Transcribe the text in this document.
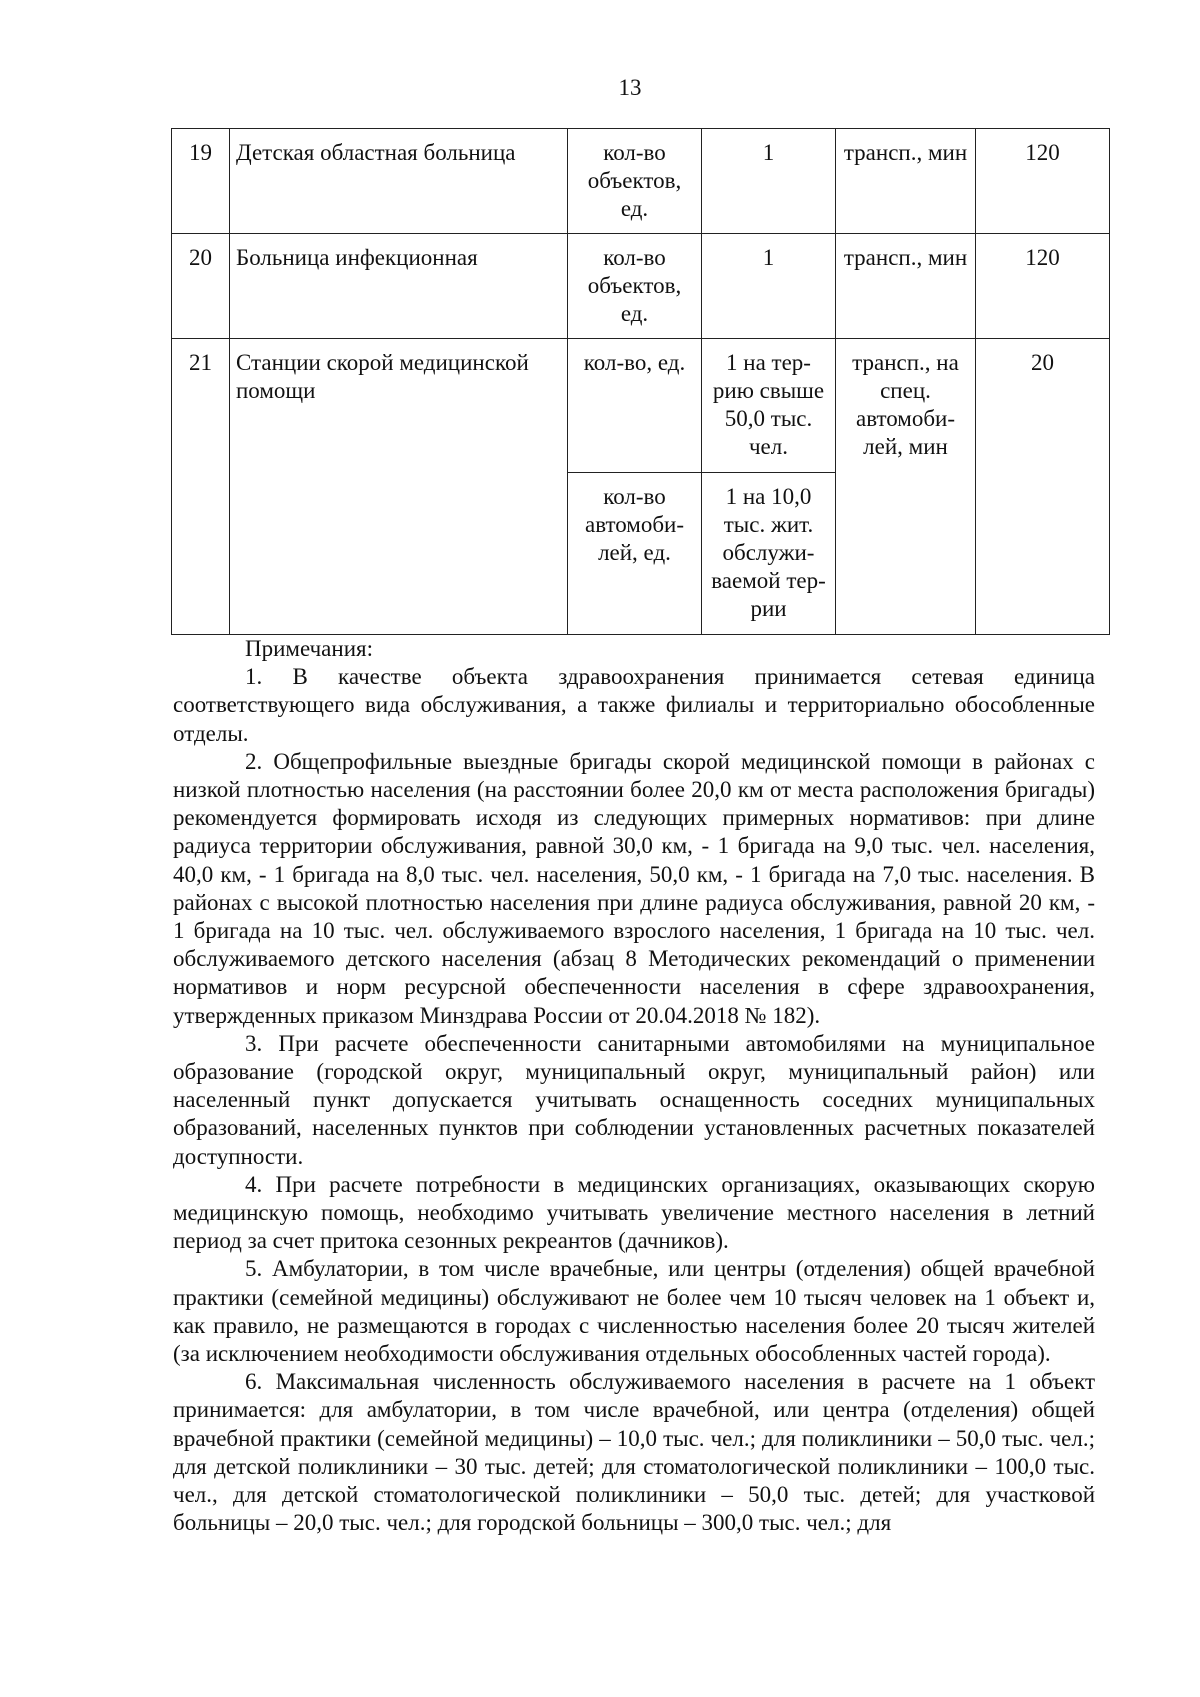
13
19	Детская областная больница	кол-во объектов, ед.	1	трансп., мин	120

20	Больница инфекционная	кол-во объектов, ед.	1	трансп., мин	120

21	Станции скорой медицинской помощи	кол-во, ед.	1 на тер-рию свыше 50,0 тыс. чел.	трансп., на спец. автомоби-лей, мин	20

		кол-во автомоби-лей, ед.	1 на 10,0 тыс. жит. обслужи-ваемой тер-рии		
Примечания:

1. В качестве объекта здравоохранения принимается сетевая единица соответствующего вида обслуживания, а также филиалы и территориально обособленные отделы.

2. Общепрофильные выездные бригады скорой медицинской помощи в районах с низкой плотностью населения (на расстоянии более 20,0 км от места расположения бригады) рекомендуется формировать исходя из следующих примерных нормативов: при длине радиуса территории обслуживания, равной 30,0 км, - 1 бригада на 9,0 тыс. чел. населения, 40,0 км, - 1 бригада на 8,0 тыс. чел. населения, 50,0 км, - 1 бригада на 7,0 тыс. населения. В районах с высокой плотностью населения при длине радиуса обслуживания, равной 20 км, - 1 бригада на 10 тыс. чел. обслуживаемого взрослого населения, 1 бригада на 10 тыс. чел. обслуживаемого детского населения (абзац 8 Методических рекомендаций о применении нормативов и норм ресурсной обеспеченности населения в сфере здравоохранения, утвержденных приказом Минздрава России от 20.04.2018 № 182).

3. При расчете обеспеченности санитарными автомобилями на муниципальное образование (городской округ, муниципальный округ, муниципальный район) или населенный пункт допускается учитывать оснащенность соседних муниципальных образований, населенных пунктов при соблюдении установленных расчетных показателей доступности.

4. При расчете потребности в медицинских организациях, оказывающих скорую медицинскую помощь, необходимо учитывать увеличение местного населения в летний период за счет притока сезонных рекреантов (дачников).

5. Амбулатории, в том числе врачебные, или центры (отделения) общей врачебной практики (семейной медицины) обслуживают не более чем 10 тысяч человек на 1 объект и, как правило, не размещаются в городах с численностью населения более 20 тысяч жителей (за исключением необходимости обслуживания отдельных обособленных частей города).

6. Максимальная численность обслуживаемого населения в расчете на 1 объект принимается: для амбулатории, в том числе врачебной, или центра (отделения) общей врачебной практики (семейной медицины) – 10,0 тыс. чел.; для поликлиники – 50,0 тыс. чел.; для детской поликлиники – 30 тыс. детей; для стоматологической поликлиники – 100,0 тыс. чел., для детской стоматологической поликлиники – 50,0 тыс. детей; для участковой больницы – 20,0 тыс. чел.; для городской больницы – 300,0 тыс. чел.; для
